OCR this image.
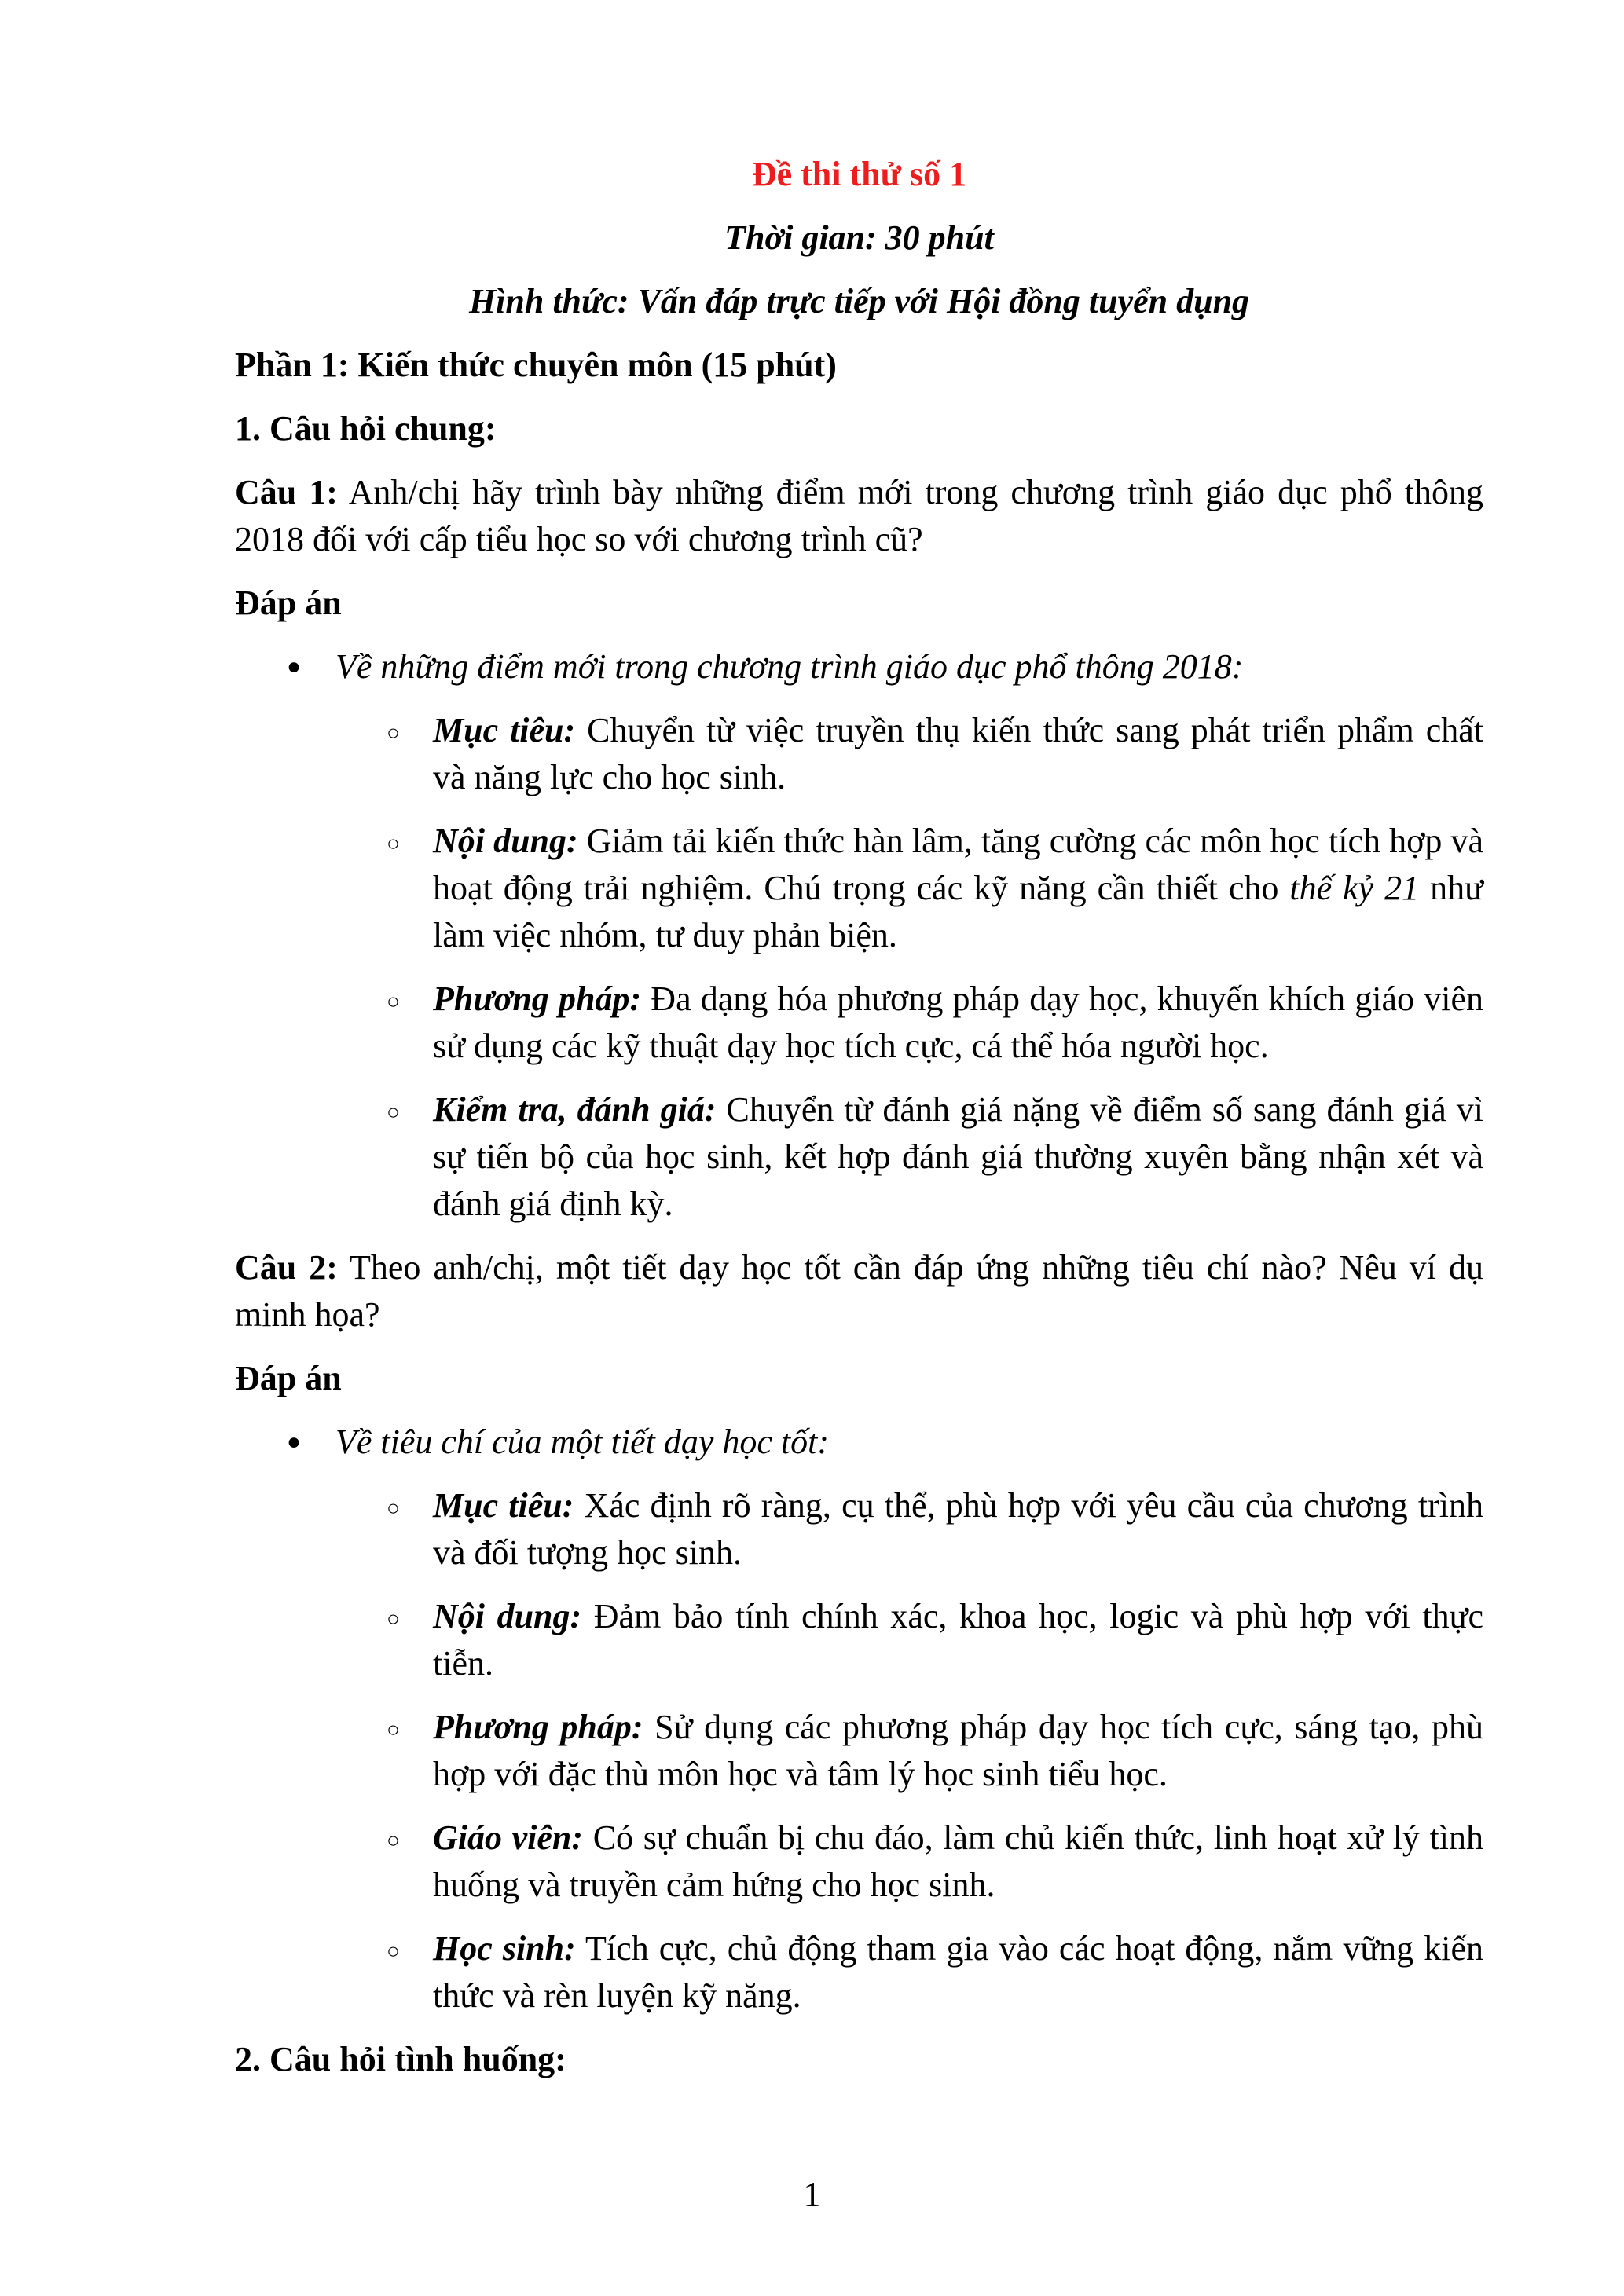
Đề thi thử số 1

Thời gian: 30 phút

Hình thức: Vấn đáp trực tiếp với Hội đồng tuyển dụng

Phần 1: Kiến thức chuyên môn (15 phút)

1. Câu hỏi chung:

Câu 1: Anh/chị hãy trình bày những điểm mới trong chương trình giáo dục phổ thông 2018 đối với cấp tiểu học so với chương trình cũ?

Đáp án

● Về những điểm mới trong chương trình giáo dục phổ thông 2018:

○ Mục tiêu: Chuyển từ việc truyền thụ kiến thức sang phát triển phẩm chất và năng lực cho học sinh.

○ Nội dung: Giảm tải kiến thức hàn lâm, tăng cường các môn học tích hợp và hoạt động trải nghiệm. Chú trọng các kỹ năng cần thiết cho thế kỷ 21 như làm việc nhóm, tư duy phản biện.

○ Phương pháp: Đa dạng hóa phương pháp dạy học, khuyến khích giáo viên sử dụng các kỹ thuật dạy học tích cực, cá thể hóa người học.

○ Kiểm tra, đánh giá: Chuyển từ đánh giá nặng về điểm số sang đánh giá vì sự tiến bộ của học sinh, kết hợp đánh giá thường xuyên bằng nhận xét và đánh giá định kỳ.

Câu 2: Theo anh/chị, một tiết dạy học tốt cần đáp ứng những tiêu chí nào? Nêu ví dụ minh họa?

Đáp án

● Về tiêu chí của một tiết dạy học tốt:

○ Mục tiêu: Xác định rõ ràng, cụ thể, phù hợp với yêu cầu của chương trình và đối tượng học sinh.

○ Nội dung: Đảm bảo tính chính xác, khoa học, logic và phù hợp với thực tiễn.

○ Phương pháp: Sử dụng các phương pháp dạy học tích cực, sáng tạo, phù hợp với đặc thù môn học và tâm lý học sinh tiểu học.

○ Giáo viên: Có sự chuẩn bị chu đáo, làm chủ kiến thức, linh hoạt xử lý tình huống và truyền cảm hứng cho học sinh.

○ Học sinh: Tích cực, chủ động tham gia vào các hoạt động, nắm vững kiến thức và rèn luyện kỹ năng.

2. Câu hỏi tình huống:

1
